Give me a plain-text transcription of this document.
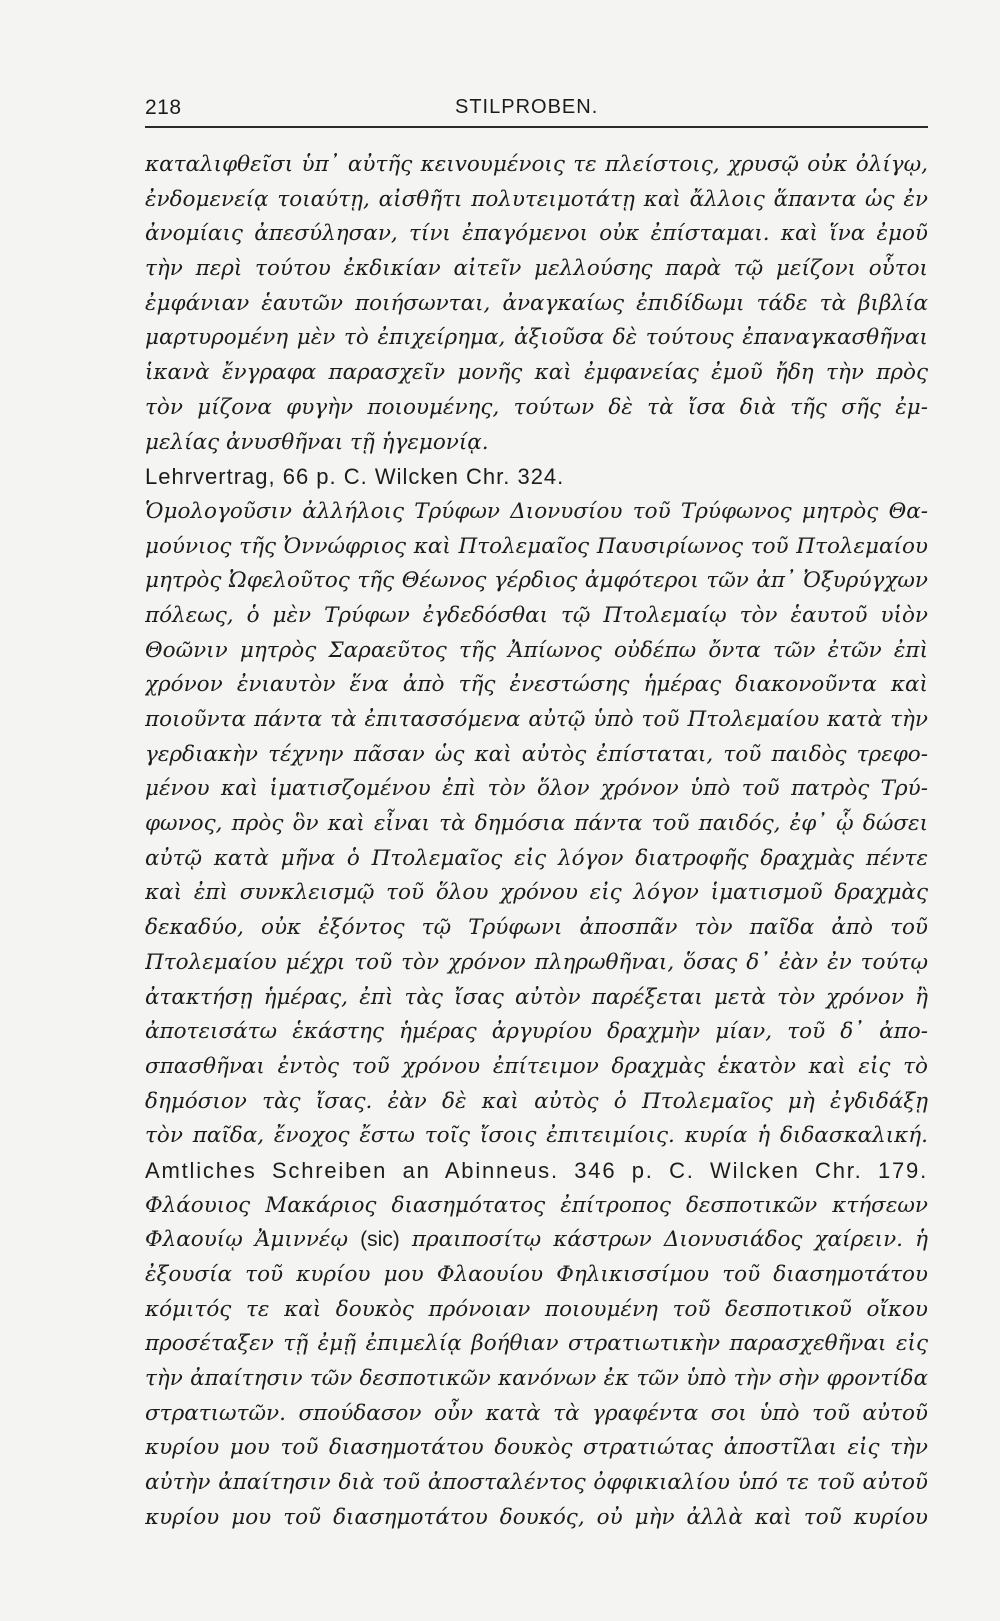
218	STILPROBEN.
καταλιφθεῖσι ὑπ᾽ αὐτῆς κειvουμένοις τε πλείστοις, χρυσῷ οὐκ ὀλίγῳ,
ἐνδομενείᾳ τοιαύτῃ, αἰσθῆτι πολυτειμοτάτῃ καὶ ἄλλοις ἅπαντα ὡς ἐν
ἀνομίαις ἀπεσύλησαν, τίνι ἐπαγόμενοι οὐκ ἐπίσταμαι. καὶ ἵνα ἐμοῦ
τὴν περὶ τούτου ἐκδικίαν αἰτεῖν μελλούσης παρὰ τῷ μείζονι οὗτοι
ἐμφάνιαν ἑαυτῶν ποιήσωνται, ἀναγκαίως ἐπιδίδωμι τάδε τὰ βιβλία
μαρτυρομένη μὲν τὸ ἐπιχείρημα, ἀξιοῦσα δὲ τούτους ἐπαναγκασθῆναι
ἱκανὰ ἔνγραφα παρασχεῖν μονῆς καὶ ἐμφανείας ἐμοῦ ἤδη τὴν πρὸς
τὸν μίζονα φυγὴν ποιουμένης, τούτων δὲ τὰ ἴσα διὰ τῆς σῆς ἐμ-
μελίας ἀνυσθῆναι τῇ ἡγεμονίᾳ.
Lehrvertrag, 66 p. C. Wilcken Chr. 324.
Ὁμολογοῦσιν ἀλλήλοις Τρύφων Διονυσίου τοῦ Τρύφωνος μητρὸς Θα-
μούνιος τῆς Ὀννώφριος καὶ Πτολεμαῖος Παυσιρίωνος τοῦ Πτολεμαίου
μητρὸς Ὠφελοῦτος τῆς Θέωνος γέρδιος ἀμφότεροι τῶν ἀπ᾽ Ὀξυρύγχων
πόλεως, ὁ μὲν Τρύφων ἐγδεδόσθαι τῷ Πτολεμαίῳ τὸν ἑαυτοῦ υἱὸν
Θοῶνιν μητρὸς Σαραεῦτος τῆς Ἀπίωνος οὐδέπω ὄντα τῶν ἐτῶν ἐπὶ
χρόνον ἐνιαυτὸν ἕνα ἀπὸ τῆς ἐνεστώσης ἡμέρας διακονοῦντα καὶ
ποιοῦντα πάντα τὰ ἐπιτασσόμενα αὐτῷ ὑπὸ τοῦ Πτολεμαίου κατὰ τὴν
γερδιακὴν τέχνην πᾶσαν ὡς καὶ αὐτὸς ἐπίσταται, τοῦ παιδὸς τρεφο-
μένου καὶ ἱματισζομένου ἐπὶ τὸν ὅλον χρόνον ὑπὸ τοῦ πατρὸς Τρύ-
φωνος, πρὸς ὃν καὶ εἶναι τὰ δημόσια πάντα τοῦ παιδός, ἐφ᾽ ᾧ δώσει
αὐτῷ κατὰ μῆνα ὁ Πτολεμαῖος εἰς λόγον διατροφῆς δραχμὰς πέντε
καὶ ἐπὶ συνκλεισμῷ τοῦ ὅλου χρόνου εἰς λόγον ἱματισμοῦ δραχμὰς
δεκαδύο, οὐκ ἐξόντος τῷ Τρύφωνι ἀποσπᾶν τὸν παῖδα ἀπὸ τοῦ
Πτολεμαίου μέχρι τοῦ τὸν χρόνον πληρωθῆναι, ὅσας δ᾽ ἐὰν ἐν τούτῳ
ἀτακτήσῃ ἡμέρας, ἐπὶ τὰς ἴσας αὐτὸν παρέξεται μετὰ τὸν χρόνον ἢ
ἀποτεισάτω ἑκάστης ἡμέρας ἀργυρίου δραχμὴν μίαν, τοῦ δ᾽ ἀπο-
σπασθῆναι ἐντὸς τοῦ χρόνου ἐπίτειμον δραχμὰς ἑκατὸν καὶ εἰς τὸ
δημόσιον τὰς ἴσας. ἐὰν δὲ καὶ αὐτὸς ὁ Πτολεμαῖος μὴ ἐγδιδάξῃ
τὸν παῖδα, ἔνοχος ἔστω τοῖς ἴσοις ἐπιτειμίοις. κυρία ἡ διδασκαλική.
Amtliches Schreiben an Abinneus. 346 p. C. Wilcken Chr. 179.
Φλάουιος Μακάριος διασημότατος ἐπίτροπος δεσποτικῶν κτήσεων
Φλαουίῳ Ἀμιννέῳ (sic) πραιποσίτῳ κάστρων Διονυσιάδος χαίρειν. ἡ
ἐξουσία τοῦ κυρίου μου Φλαουίου Φηλικισσίμου τοῦ διασημοτάτου
κόμιτός τε καὶ δουκὸς πρόνοιαν ποιουμένη τοῦ δεσποτικοῦ οἴκου
προσέταξεν τῇ ἐμῇ ἐπιμελίᾳ βοήθιαν στρατιωτικὴν παρασχεθῆναι εἰς
τὴν ἀπαίτησιν τῶν δεσποτικῶν κανόνων ἐκ τῶν ὑπὸ τὴν σὴν φροντίδα
στρατιωτῶν. σπούδασον οὖν κατὰ τὰ γραφέντα σοι ὑπὸ τοῦ αὐτοῦ
κυρίου μου τοῦ διασημοτάτου δουκὸς στρατιώτας ἀποστῖλαι εἰς τὴν
αὐτὴν ἀπαίτησιν διὰ τοῦ ἀποσταλέντος ὀφφικιαλίου ὑπό τε τοῦ αὐτοῦ
κυρίου μου τοῦ διασημοτάτου δουκός, οὐ μὴν ἀλλὰ καὶ τοῦ κυρίου
